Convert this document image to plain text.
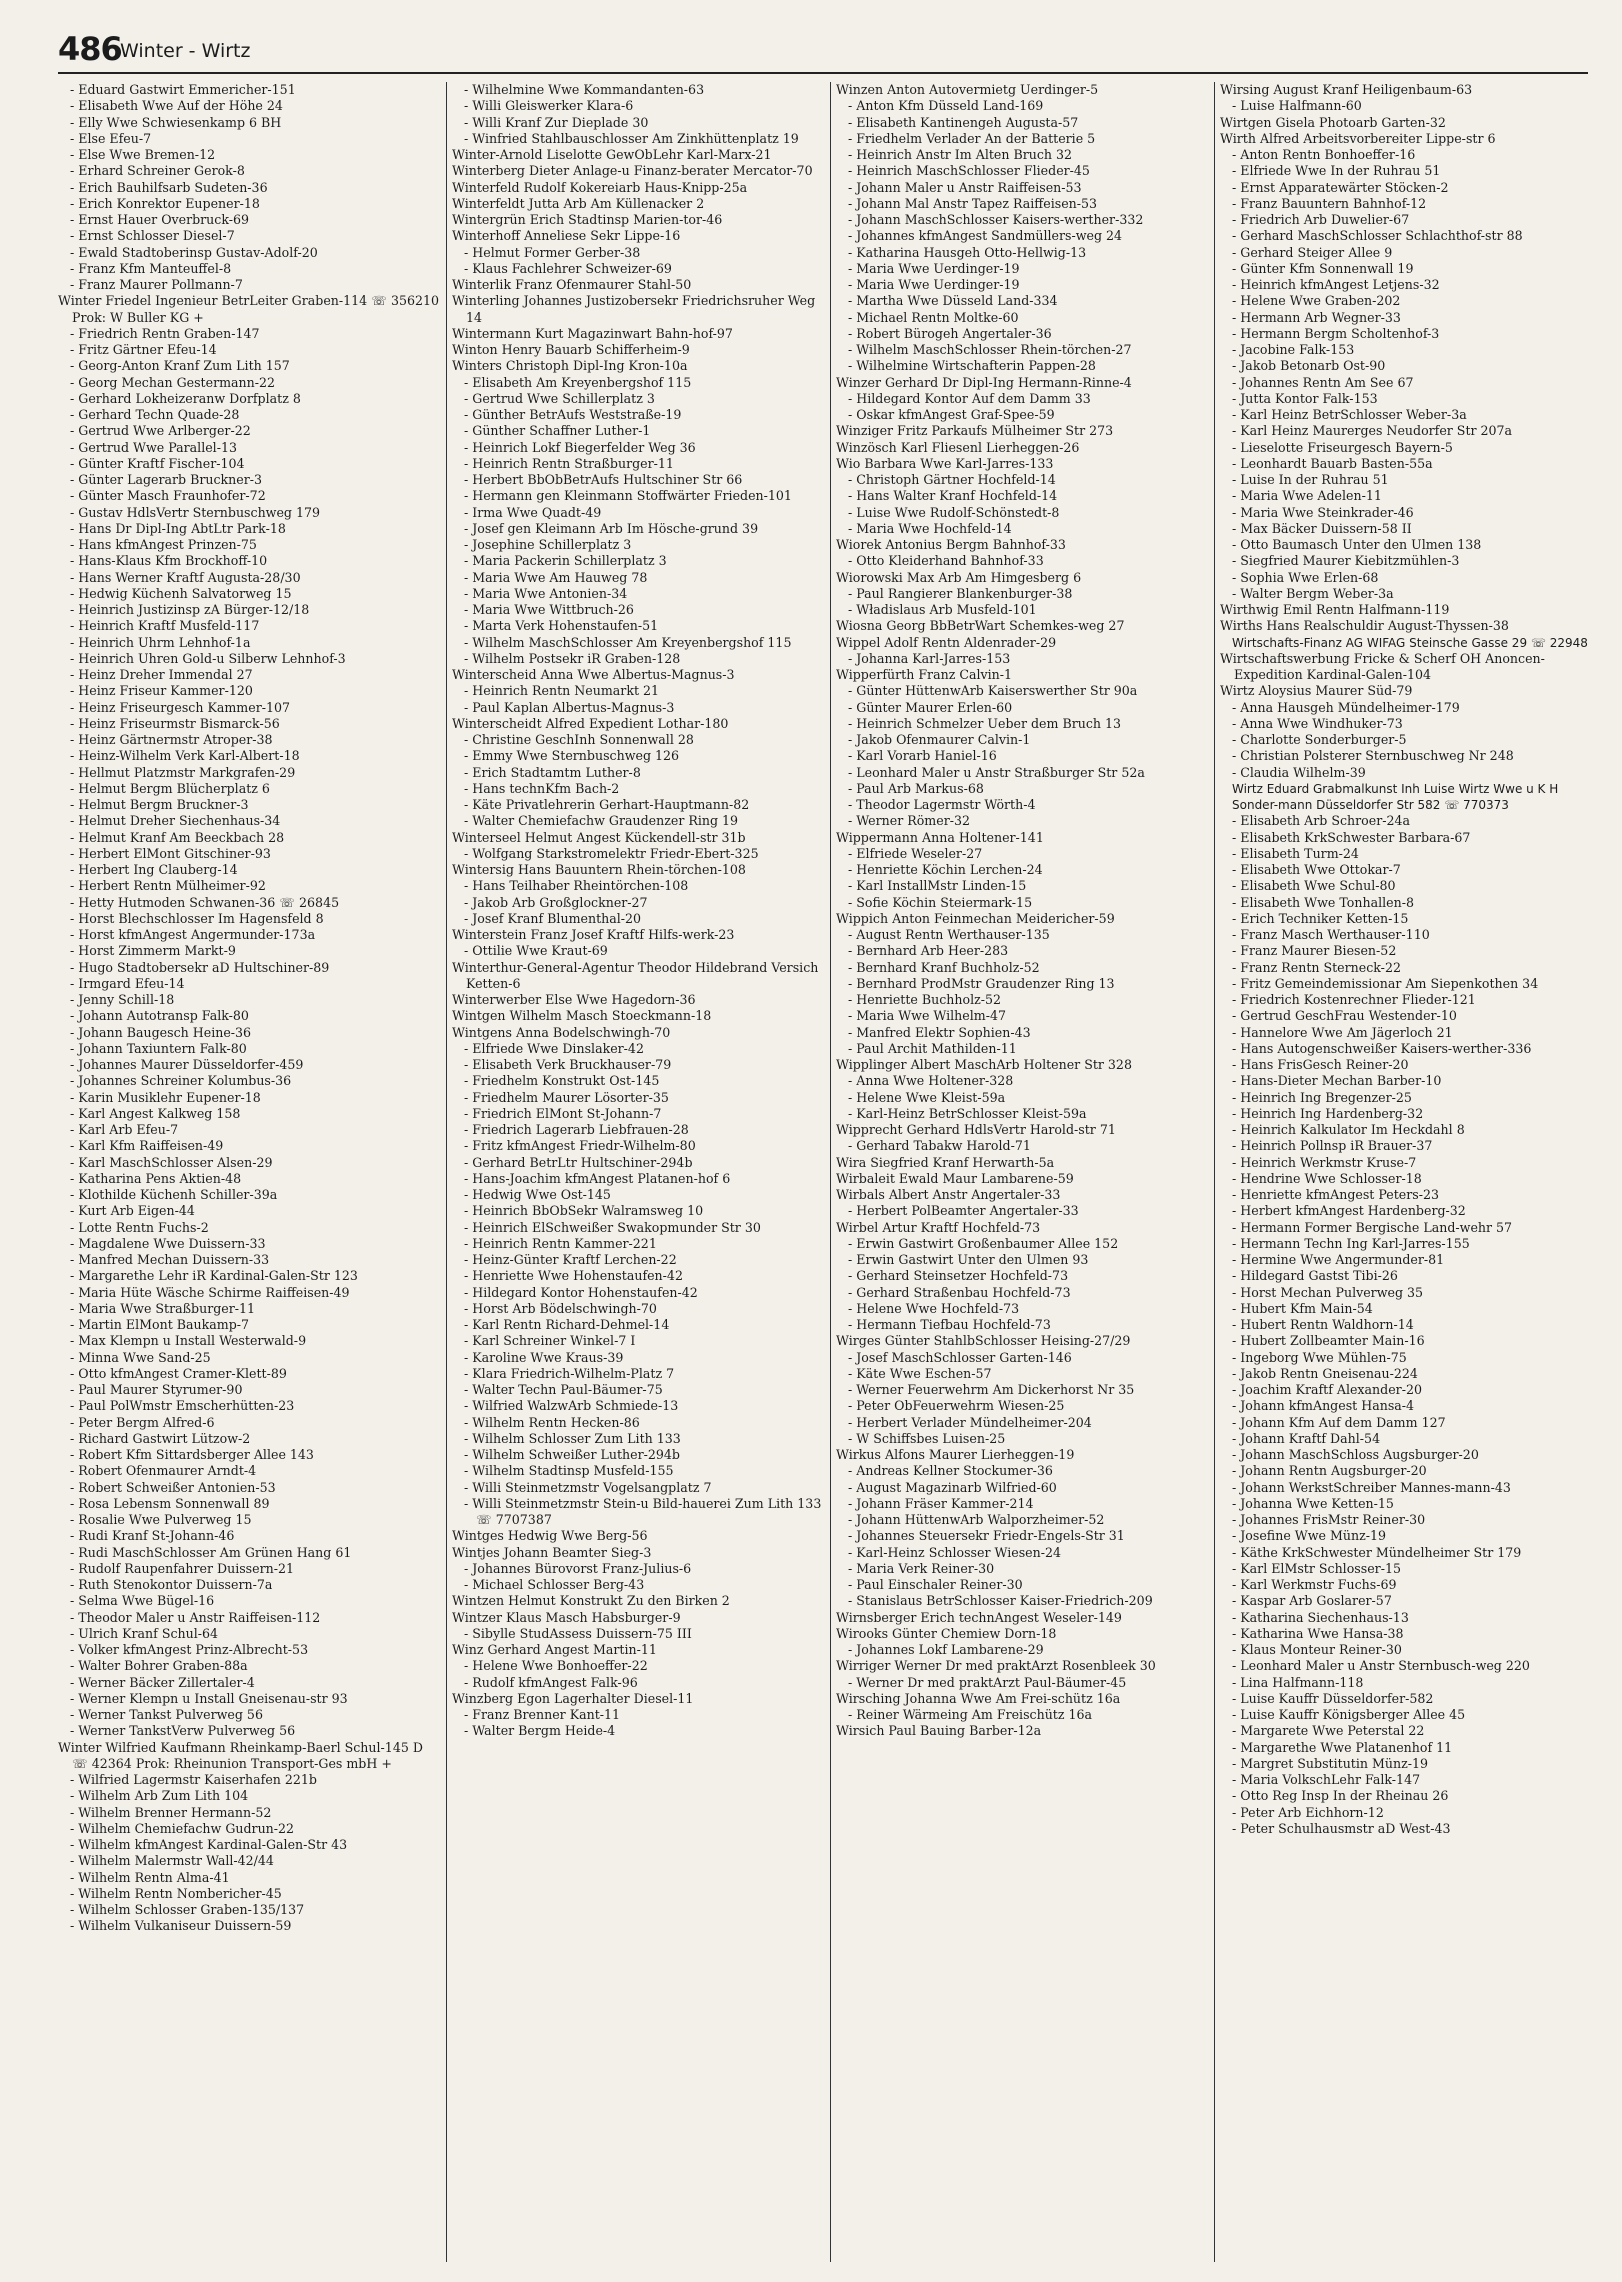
486
Winter - Wirtz
- Eduard Gastwirt Emmericher-151
- Elisabeth Wwe Auf der Höhe 24
- Elly Wwe Schwiesenkamp 6 BH
- Else Efeu-7
- Else Wwe Bremen-12
- Erhard Schreiner Gerok-8
- Erich Bauhilfsarb Sudeten-36
- Erich Konrektor Eupener-18
- Ernst Hauer Overbruck-69
- Ernst Schlosser Diesel-7
- Ewald Stadtoberinsp Gustav-Adolf-20
- Franz Kfm Manteuffel-8
- Franz Maurer Pollmann-7
Winter Friedel Ingenieur BetrLeiter Graben-114 ☏ 356210 Prok: W Buller KG +
- Friedrich Rentn Graben-147
- Fritz Gärtner Efeu-14
- Georg-Anton Kranf Zum Lith 157
- Georg Mechan Gestermann-22
- Gerhard Lokheizeranw Dorfplatz 8
- Gerhard Techn Quade-28
- Gertrud Wwe Arlberger-22
- Gertrud Wwe Parallel-13
- Günter Kraftf Fischer-104
- Günter Lagerarb Bruckner-3
- Günter Masch Fraunhofer-72
- Gustav HdlsVertr Sternbuschweg 179
- Hans Dr Dipl-Ing AbtLtr Park-18
- Hans kfmAngest Prinzen-75
- Hans-Klaus Kfm Brockhoff-10
- Hans Werner Kraftf Augusta-28/30
- Hedwig Küchenh Salvatorweg 15
- Heinrich Justizinsp zA Bürger-12/18
- Heinrich Kraftf Musfeld-117
- Heinrich Uhrm Lehnhof-1a
- Heinrich Uhren Gold-u Silberw Lehnhof-3
- Heinz Dreher Immendal 27
- Heinz Friseur Kammer-120
- Heinz Friseurgesch Kammer-107
- Heinz Friseurmstr Bismarck-56
- Heinz Gärtnermstr Atroper-38
- Heinz-Wilhelm Verk Karl-Albert-18
- Hellmut Platzmstr Markgrafen-29
- Helmut Bergm Blücherplatz 6
- Helmut Bergm Bruckner-3
- Helmut Dreher Siechenhaus-34
- Helmut Kranf Am Beeckbach 28
- Herbert ElMont Gitschiner-93
- Herbert Ing Clauberg-14
- Herbert Rentn Mülheimer-92
- Hetty Hutmoden Schwanen-36 ☏ 26845
- Horst Blechschlosser Im Hagensfeld 8
- Horst kfmAngest Angermunder-173a
- Horst Zimmerm Markt-9
- Hugo Stadtobersekr aD Hultschiner-89
- Irmgard Efeu-14
- Jenny Schill-18
- Johann Autotransp Falk-80
- Johann Baugesch Heine-36
- Johann Taxiuntern Falk-80
- Johannes Maurer Düsseldorfer-459
- Johannes Schreiner Kolumbus-36
- Karin Musiklehr Eupener-18
- Karl Angest Kalkweg 158
- Karl Arb Efeu-7
- Karl Kfm Raiffeisen-49
- Karl MaschSchlosser Alsen-29
- Katharina Pens Aktien-48
- Klothilde Küchenh Schiller-39a
- Kurt Arb Eigen-44
- Lotte Rentn Fuchs-2
- Magdalene Wwe Duissern-33
- Manfred Mechan Duissern-33
- Margarethe Lehr iR Kardinal-Galen-Str 123
- Maria Hüte Wäsche Schirme Raiffeisen-49
- Maria Wwe Straßburger-11
- Martin ElMont Baukamp-7
- Max Klempn u Install Westerwald-9
- Minna Wwe Sand-25
- Otto kfmAngest Cramer-Klett-89
- Paul Maurer Styrumer-90
- Paul PolWmstr Emscherhütten-23
- Peter Bergm Alfred-6
- Richard Gastwirt Lützow-2
- Robert Kfm Sittardsberger Allee 143
- Robert Ofenmaurer Arndt-4
- Robert Schweißer Antonien-53
- Rosa Lebensm Sonnenwall 89
- Rosalie Wwe Pulverweg 15
- Rudi Kranf St-Johann-46
- Rudi MaschSchlosser Am Grünen Hang 61
- Rudolf Raupenfahrer Duissern-21
- Ruth Stenokontor Duissern-7a
- Selma Wwe Bügel-16
- Theodor Maler u Anstr Raiffeisen-112
- Ulrich Kranf Schul-64
- Volker kfmAngest Prinz-Albrecht-53
- Walter Bohrer Graben-88a
- Werner Bäcker Zillertaler-4
- Werner Klempn u Install Gneisenau-str 93
- Werner Tankst Pulverweg 56
- Werner TankstVerw Pulverweg 56
Winter Wilfried Kaufmann Rheinkamp-Baerl Schul-145 D ☏ 42364 Prok: Rheinunion Transport-Ges mbH +
- Wilfried Lagermstr Kaiserhafen 221b
- Wilhelm Arb Zum Lith 104
- Wilhelm Brenner Hermann-52
- Wilhelm Chemiefachw Gudrun-22
- Wilhelm kfmAngest Kardinal-Galen-Str 43
- Wilhelm Malermstr Wall-42/44
- Wilhelm Rentn Alma-41
- Wilhelm Rentn Nombericher-45
- Wilhelm Schlosser Graben-135/137
- Wilhelm Vulkaniseur Duissern-59
- Wilhelmine Wwe Kommandanten-63
- Willi Gleiswerker Klara-6
- Willi Kranf Zur Dieplade 30
- Winfried Stahlbauschlosser Am Zinkhüttenplatz 19
Winter-Arnold Liselotte GewObLehr Karl-Marx-21
Winterberg Dieter Anlage-u Finanz-berater Mercator-70
Winterfeld Rudolf Kokereiarb Haus-Knipp-25a
Winterfeldt Jutta Arb Am Küllenacker 2
Wintergrün Erich Stadtinsp Marien-tor-46
Winterhoff Anneliese Sekr Lippe-16
- Helmut Former Gerber-38
- Klaus Fachlehrer Schweizer-69
Winterlik Franz Ofenmaurer Stahl-50
Winterling Johannes Justizobersekr Friedrichsruher Weg 14
Wintermann Kurt Magazinwart Bahn-hof-97
Winton Henry Bauarb Schifferheim-9
Winters Christoph Dipl-Ing Kron-10a
- Elisabeth Am Kreyenbergshof 115
- Gertrud Wwe Schillerplatz 3
- Günther BetrAufs Weststraße-19
- Günther Schaffner Luther-1
- Heinrich Lokf Biegerfelder Weg 36
- Heinrich Rentn Straßburger-11
- Herbert BbObBetrAufs Hultschiner Str 66
- Hermann gen Kleinmann Stoffwärter Frieden-101
- Irma Wwe Quadt-49
- Josef gen Kleimann Arb Im Hösche-grund 39
- Josephine Schillerplatz 3
- Maria Packerin Schillerplatz 3
- Maria Wwe Am Hauweg 78
- Maria Wwe Antonien-34
- Maria Wwe Wittbruch-26
- Marta Verk Hohenstaufen-51
- Wilhelm MaschSchlosser Am Kreyenbergshof 115
- Wilhelm Postsekr iR Graben-128
Winterscheid Anna Wwe Albertus-Magnus-3
- Heinrich Rentn Neumarkt 21
- Paul Kaplan Albertus-Magnus-3
Winterscheidt Alfred Expedient Lothar-180
- Christine GeschInh Sonnenwall 28
- Emmy Wwe Sternbuschweg 126
- Erich Stadtamtm Luther-8
- Hans technKfm Bach-2
- Käte Privatlehrerin Gerhart-Hauptmann-82
- Walter Chemiefachw Graudenzer Ring 19
Winterseel Helmut Angest Kückendell-str 31b
- Wolfgang Starkstromelektr Friedr-Ebert-325
Wintersig Hans Bauuntern Rhein-törchen-108
- Hans Teilhaber Rheintörchen-108
- Jakob Arb Großglockner-27
- Josef Kranf Blumenthal-20
Winterstein Franz Josef Kraftf Hilfs-werk-23
- Ottilie Wwe Kraut-69
Winterthur-General-Agentur Theodor Hildebrand Versich Ketten-6
Winterwerber Else Wwe Hagedorn-36
Wintgen Wilhelm Masch Stoeckmann-18
Wintgens Anna Bodelschwingh-70
- Elfriede Wwe Dinslaker-42
- Elisabeth Verk Bruckhauser-79
- Friedhelm Konstrukt Ost-145
- Friedhelm Maurer Lösorter-35
- Friedrich ElMont St-Johann-7
- Friedrich Lagerarb Liebfrauen-28
- Fritz kfmAngest Friedr-Wilhelm-80
- Gerhard BetrLtr Hultschiner-294b
- Hans-Joachim kfmAngest Platanen-hof 6
- Hedwig Wwe Ost-145
- Heinrich BbObSekr Walramsweg 10
- Heinrich ElSchweißer Swakopmunder Str 30
- Heinrich Rentn Kammer-221
- Heinz-Günter Kraftf Lerchen-22
- Henriette Wwe Hohenstaufen-42
- Hildegard Kontor Hohenstaufen-42
- Horst Arb Bödelschwingh-70
- Karl Rentn Richard-Dehmel-14
- Karl Schreiner Winkel-7 I
- Karoline Wwe Kraus-39
- Klara Friedrich-Wilhelm-Platz 7
- Walter Techn Paul-Bäumer-75
- Wilfried WalzwArb Schmiede-13
- Wilhelm Rentn Hecken-86
- Wilhelm Schlosser Zum Lith 133
- Wilhelm Schweißer Luther-294b
- Wilhelm Stadtinsp Musfeld-155
- Willi Steinmetzmstr Vogelsangplatz 7
- Willi Steinmetzmstr Stein-u Bild-hauerei Zum Lith 133 ☏ 7707387
Wintges Hedwig Wwe Berg-56
Wintjes Johann Beamter Sieg-3
- Johannes Bürovorst Franz-Julius-6
- Michael Schlosser Berg-43
Wintzen Helmut Konstrukt Zu den Birken 2
Wintzer Klaus Masch Habsburger-9
- Sibylle StudAssess Duissern-75 III
Winz Gerhard Angest Martin-11
- Helene Wwe Bonhoeffer-22
- Rudolf kfmAngest Falk-96
Winzberg Egon Lagerhalter Diesel-11
- Franz Brenner Kant-11
- Walter Bergm Heide-4
Winzen Anton Autovermietg Uerdinger-5
- Anton Kfm Düsseld Land-169
- Elisabeth Kantinengeh Augusta-57
- Friedhelm Verlader An der Batterie 5
- Heinrich Anstr Im Alten Bruch 32
- Heinrich MaschSchlosser Flieder-45
- Johann Maler u Anstr Raiffeisen-53
- Johann Mal Anstr Tapez Raiffeisen-53
- Johann MaschSchlosser Kaisers-werther-332
- Johannes kfmAngest Sandmüllers-weg 24
- Katharina Hausgeh Otto-Hellwig-13
- Maria Wwe Uerdinger-19
- Maria Wwe Uerdinger-19
- Martha Wwe Düsseld Land-334
- Michael Rentn Moltke-60
- Robert Bürogeh Angertaler-36
- Wilhelm MaschSchlosser Rhein-törchen-27
- Wilhelmine Wirtschafterin Pappen-28
Winzer Gerhard Dr Dipl-Ing Hermann-Rinne-4
- Hildegard Kontor Auf dem Damm 33
- Oskar kfmAngest Graf-Spee-59
Winziger Fritz Parkaufs Mülheimer Str 273
Winzösch Karl Fliesenl Lierheggen-26
Wio Barbara Wwe Karl-Jarres-133
- Christoph Gärtner Hochfeld-14
- Hans Walter Kranf Hochfeld-14
- Luise Wwe Rudolf-Schönstedt-8
- Maria Wwe Hochfeld-14
Wiorek Antonius Bergm Bahnhof-33
- Otto Kleiderhand Bahnhof-33
Wiorowski Max Arb Am Himgesberg 6
- Paul Rangierer Blankenburger-38
- Władislaus Arb Musfeld-101
Wiosna Georg BbBetrWart Schemkes-weg 27
Wippel Adolf Rentn Aldenrader-29
- Johanna Karl-Jarres-153
Wipperfürth Franz Calvin-1
- Günter HüttenwArb Kaiserswerther Str 90a
- Günter Maurer Erlen-60
- Heinrich Schmelzer Ueber dem Bruch 13
- Jakob Ofenmaurer Calvin-1
- Karl Vorarb Haniel-16
- Leonhard Maler u Anstr Straßburger Str 52a
- Paul Arb Markus-68
- Theodor Lagermstr Wörth-4
- Werner Römer-32
Wippermann Anna Holtener-141
- Elfriede Weseler-27
- Henriette Köchin Lerchen-24
- Karl InstallMstr Linden-15
- Sofie Köchin Steiermark-15
Wippich Anton Feinmechan Meidericher-59
- August Rentn Werthauser-135
- Bernhard Arb Heer-283
- Bernhard Kranf Buchholz-52
- Bernhard ProdMstr Graudenzer Ring 13
- Henriette Buchholz-52
- Maria Wwe Wilhelm-47
- Manfred Elektr Sophien-43
- Paul Archit Mathilden-11
Wipplinger Albert MaschArb Holtener Str 328
- Anna Wwe Holtener-328
- Helene Wwe Kleist-59a
- Karl-Heinz BetrSchlosser Kleist-59a
Wipprecht Gerhard HdlsVertr Harold-str 71
- Gerhard Tabakw Harold-71
Wira Siegfried Kranf Herwarth-5a
Wirbaleit Ewald Maur Lambarene-59
Wirbals Albert Anstr Angertaler-33
- Herbert PolBeamter Angertaler-33
Wirbel Artur Kraftf Hochfeld-73
- Erwin Gastwirt Großenbaumer Allee 152
- Erwin Gastwirt Unter den Ulmen 93
- Gerhard Steinsetzer Hochfeld-73
- Gerhard Straßenbau Hochfeld-73
- Helene Wwe Hochfeld-73
- Hermann Tiefbau Hochfeld-73
Wirges Günter StahlbSchlosser Heising-27/29
- Josef MaschSchlosser Garten-146
- Käte Wwe Eschen-57
- Werner Feuerwehrm Am Dickerhorst Nr 35
- Peter ObFeuerwehrm Wiesen-25
- Herbert Verlader Mündelheimer-204
- W Schiffsbes Luisen-25
Wirkus Alfons Maurer Lierheggen-19
- Andreas Kellner Stockumer-36
- August Magazinarb Wilfried-60
- Johann Fräser Kammer-214
- Johann HüttenwArb Walporzheimer-52
- Johannes Steuersekr Friedr-Engels-Str 31
- Karl-Heinz Schlosser Wiesen-24
- Maria Verk Reiner-30
- Paul Einschaler Reiner-30
- Stanislaus BetrSchlosser Kaiser-Friedrich-209
Wirnsberger Erich technAngest Weseler-149
Wirooks Günter Chemiew Dorn-18
- Johannes Lokf Lambarene-29
Wirriger Werner Dr med praktArzt Rosenbleek 30
- Werner Dr med praktArzt Paul-Bäumer-45
Wirsching Johanna Wwe Am Frei-schütz 16a
- Reiner Wärmeing Am Freischütz 16a
Wirsich Paul Bauing Barber-12a
Wirsing August Kranf Heiligenbaum-63
- Luise Halfmann-60
Wirtgen Gisela Photoarb Garten-32
Wirth Alfred Arbeitsvorbereiter Lippe-str 6
- Anton Rentn Bonhoeffer-16
- Elfriede Wwe In der Ruhrau 51
- Ernst Apparatewärter Stöcken-2
- Franz Bauuntern Bahnhof-12
- Friedrich Arb Duwelier-67
- Gerhard MaschSchlosser Schlachthof-str 88
- Gerhard Steiger Allee 9
- Günter Kfm Sonnenwall 19
- Heinrich kfmAngest Letjens-32
- Helene Wwe Graben-202
- Hermann Arb Wegner-33
- Hermann Bergm Scholtenhof-3
- Jacobine Falk-153
- Jakob Betonarb Ost-90
- Johannes Rentn Am See 67
- Jutta Kontor Falk-153
- Karl Heinz BetrSchlosser Weber-3a
- Karl Heinz Maurerges Neudorfer Str 207a
- Lieselotte Friseurgesch Bayern-5
- Leonhardt Bauarb Basten-55a
- Luise In der Ruhrau 51
- Maria Wwe Adelen-11
- Maria Wwe Steinkrader-46
- Max Bäcker Duissern-58 II
- Otto Baumasch Unter den Ulmen 138
- Siegfried Maurer Kiebitzmühlen-3
- Sophia Wwe Erlen-68
- Walter Bergm Weber-3a
Wirthwig Emil Rentn Halfmann-119
Wirths Hans Realschuldir August-Thyssen-38
Wirtschafts-Finanz AG WIFAG Steinsche Gasse 29 ☏ 22948
Wirtschaftswerbung Fricke & Scherf OH Anoncen-Expedition Kardinal-Galen-104
Wirtz Aloysius Maurer Süd-79
- Anna Hausgeh Mündelheimer-179
- Anna Wwe Windhuker-73
- Charlotte Sonderburger-5
- Christian Polsterer Sternbuschweg Nr 248
- Claudia Wilhelm-39
Wirtz Eduard Grabmalkunst Inh Luise Wirtz Wwe u K H Sonder-mann Düsseldorfer Str 582 ☏ 770373
- Elisabeth Arb Schroer-24a
- Elisabeth KrkSchwester Barbara-67
- Elisabeth Turm-24
- Elisabeth Wwe Ottokar-7
- Elisabeth Wwe Schul-80
- Elisabeth Wwe Tonhallen-8
- Erich Techniker Ketten-15
- Franz Masch Werthauser-110
- Franz Maurer Biesen-52
- Franz Rentn Sterneck-22
- Fritz Gemeindemissionar Am Siepenkothen 34
- Friedrich Kostenrechner Flieder-121
- Gertrud GeschFrau Westender-10
- Hannelore Wwe Am Jägerloch 21
- Hans Autogenschweißer Kaisers-werther-336
- Hans FrisGesch Reiner-20
- Hans-Dieter Mechan Barber-10
- Heinrich Ing Bregenzer-25
- Heinrich Ing Hardenberg-32
- Heinrich Kalkulator Im Heckdahl 8
- Heinrich Pollnsp iR Brauer-37
- Heinrich Werkmstr Kruse-7
- Hendrine Wwe Schlosser-18
- Henriette kfmAngest Peters-23
- Herbert kfmAngest Hardenberg-32
- Hermann Former Bergische Land-wehr 57
- Hermann Techn Ing Karl-Jarres-155
- Hermine Wwe Angermunder-81
- Hildegard Gastst Tibi-26
- Horst Mechan Pulverweg 35
- Hubert Kfm Main-54
- Hubert Rentn Waldhorn-14
- Hubert Zollbeamter Main-16
- Ingeborg Wwe Mühlen-75
- Jakob Rentn Gneisenau-224
- Joachim Kraftf Alexander-20
- Johann kfmAngest Hansa-4
- Johann Kfm Auf dem Damm 127
- Johann Kraftf Dahl-54
- Johann MaschSchloss Augsburger-20
- Johann Rentn Augsburger-20
- Johann WerkstSchreiber Mannes-mann-43
- Johanna Wwe Ketten-15
- Johannes FrisMstr Reiner-30
- Josefine Wwe Münz-19
- Käthe KrkSchwester Mündelheimer Str 179
- Karl ElMstr Schlosser-15
- Karl Werkmstr Fuchs-69
- Kaspar Arb Goslarer-57
- Katharina Siechenhaus-13
- Katharina Wwe Hansa-38
- Klaus Monteur Reiner-30
- Leonhard Maler u Anstr Sternbusch-weg 220
- Lina Halfmann-118
- Luise Kauffr Düsseldorfer-582
- Luise Kauffr Königsberger Allee 45
- Margarete Wwe Peterstal 22
- Margarethe Wwe Platanenhof 11
- Margret Substitutin Münz-19
- Maria VolkschLehr Falk-147
- Otto Reg Insp In der Rheinau 26
- Peter Arb Eichhorn-12
- Peter Schulhausmstr aD West-43
